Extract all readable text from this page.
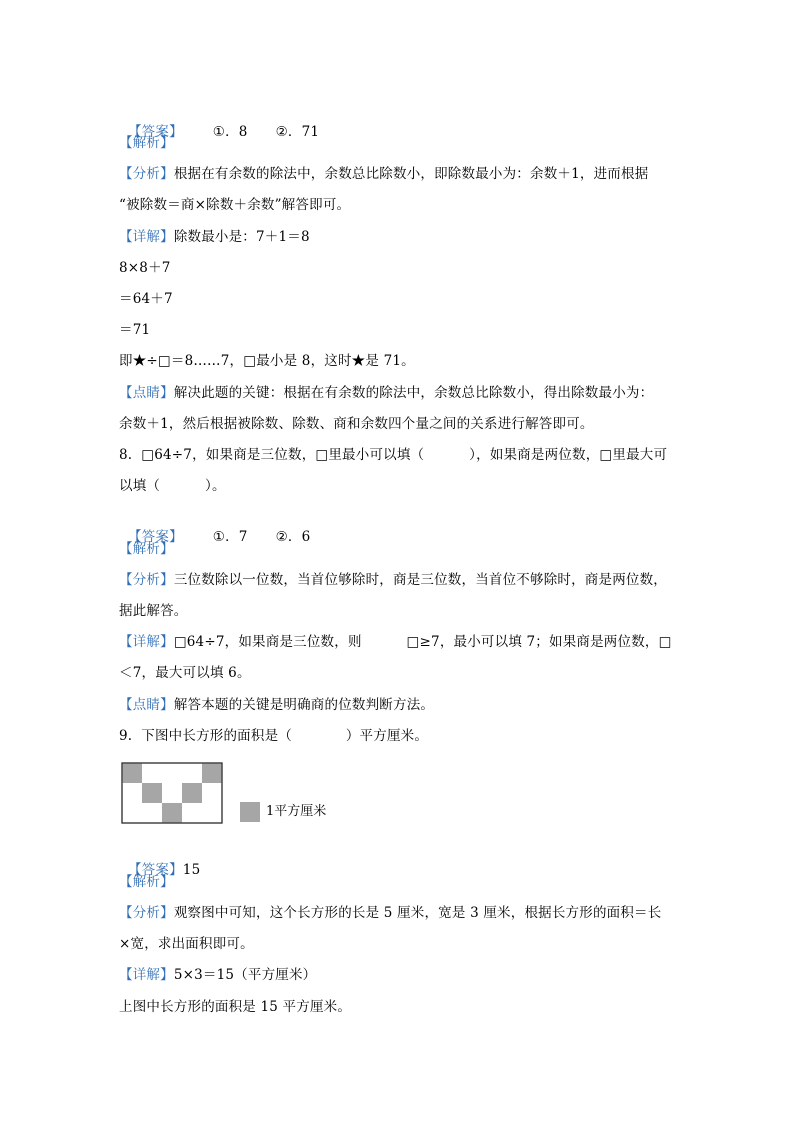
【答案】 ①．8 ②．71

【解析】
【分析】根据在有余数的除法中，余数总比除数小，即除数最小为：余数＋1，进而根据
“被除数＝商×除数＋余数”解答即可。
【详解】除数最小是：7＋1＝8
8×8＋7
＝64＋7
＝71
即★÷□＝8……7，□最小是 8，这时★是 71。
【点睛】解决此题的关键：根据在有余数的除法中，余数总比除数小，得出除数最小为：
余数＋1，然后根据被除数、除数、商和余数四个量之间的关系进行解答即可。
8.  □64÷7，如果商是三位数，□里最小可以填（          ），如果商是两位数，□里最大可
以填（          ）。

【答案】 ①．7 ②．6

【解析】
【分析】三位数除以一位数，当首位够除时，商是三位数，当首位不够除时，商是两位数，
据此解答。
【详解】□64÷7，如果商是三位数，则          □≥7，最小可以填 7；如果商是两位数，□
＜7，最大可以填 6。
【点睛】解答本题的关键是明确商的位数判断方法。
9.  下图中长方形的面积是（            ）平方厘米。
1平方厘米

【答案】15

【解析】
【分析】观察图中可知，这个长方形的长是 5 厘米，宽是 3 厘米，根据长方形的面积＝长
×宽，求出面积即可。
【详解】5×3＝15（平方厘米）
上图中长方形的面积是 15 平方厘米。
